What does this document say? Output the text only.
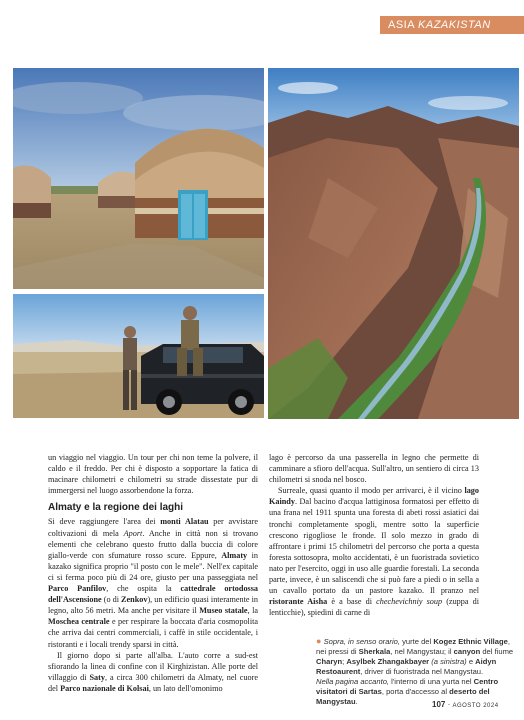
ASIA KAZAKISTAN

un viaggio nel viaggio. Un tour per chi non teme la polvere, il caldo e il freddo. Per chi è disposto a sopportare la fatica di macinare chilometri e chilometri su strade dissestate pur di immergersi nel luogo assorbendone la forza.

Almaty e la regione dei laghi

Si deve raggiungere l'area dei monti Alatau per avvistare coltivazioni di mela Aport. Anche in città non si trovano elementi che celebrano questo frutto dalla buccia di colore giallo-verde con sfumature rosso scure. Eppure, Almaty in kazako significa proprio "il posto con le mele". Nell'ex capitale ci si ferma poco più di 24 ore, giusto per una passeggiata nel Parco Panfilov, che ospita la cattedrale ortodossa dell'Ascensione (o di Zenkov), un edificio quasi interamente in legno, alto 56 metri. Ma anche per visitare il Museo statale, la Moschea centrale e per respirare la boccata d'aria cosmopolita che arriva dai centri commerciali, i caffè in stile occidentale, i ristoranti e i locali trendy sparsi in città.

Il giorno dopo si parte all'alba. L'auto corre a sud-est sfiorando la linea di confine con il Kirghizistan. Alle porte del villaggio di Saty, a circa 300 chilometri da Almaty, nel cuore del Parco nazionale di Kolsai, un lato dell'omonimo

lago è percorso da una passerella in legno che permette di camminare a sfioro dell'acqua. Sull'altro, un sentiero di circa 13 chilometri si snoda nel bosco.

Surreale, quasi quanto il modo per arrivarci, è il vicino lago Kaindy. Dal bacino d'acqua lattiginosa formatosi per effetto di una frana nel 1911 spunta una foresta di abeti rossi asiatici dai tronchi completamente spogli, mentre sotto la superficie crescono rigogliose le fronde. Il solo mezzo in grado di affrontare i primi 15 chilometri del percorso che porta a questa foresta sottosopra, molto accidentati, è un fuoristrada sovietico nato per l'esercito, oggi in uso alle guardie forestali. La seconda parte, invece, è un saliscendi che si può fare a piedi o in sella a un cavallo portato da un pastore kazako. Il pranzo nel ristorante Aisha è a base di chechevichniy soup (zuppa di lenticchie), spiedini di carne di

● Sopra, in senso orario, yurte del Kogez Ethnic Village, nei pressi di Sherkala, nel Mangystau; il canyon del fiume Charyn; Asylbek Zhangakbayer (a sinistra) e Aidyn Restoaurent, driver di fuoristrada nel Mangystau.
Nella pagina accanto, l'interno di una yurta nel Centro visitatori di Sartas, porta d'accesso al deserto del Mangystau.	107 · AGOSTO 2024
